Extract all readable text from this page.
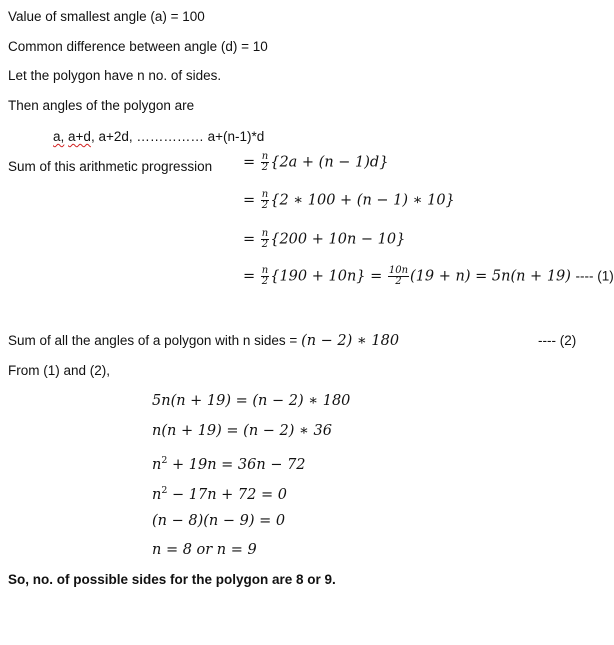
Value of smallest angle (a) = 100
Common difference between angle (d) = 10
Let the polygon have n no. of sides.
Then angles of the polygon are
a, a+d, a+2d, …………… a+(n-1)*d
Sum of this arithmetic progression = $\frac{n}{2} \{2a + (n - 1)d\}$
= $\frac{n}{2} \{2$ ∗ 100 + (n − 1) ∗ 10}
= $\frac{n}{2} \{200 + 10n - 10\}$
= $\frac{n}{2} \{190 + 10n\} = \frac{10n}{2} (19 + n) = 5n(n + 19)$ ---- (1)
Sum of all the angles of a polygon with n sides = (n − 2) ∗ 180	---- (2)
From (1) and (2),
5n(n + 19) = (n − 2) ∗ 180
n(n + 19) = (n − 2) ∗ 36
$n^2 + 19n = 36n - 72$
$n^2 - 17n + 72 = 0$
(n − 8)(n − 9) = 0
n = 8 or n = 9
So, no. of possible sides for the polygon are 8 or 9.
